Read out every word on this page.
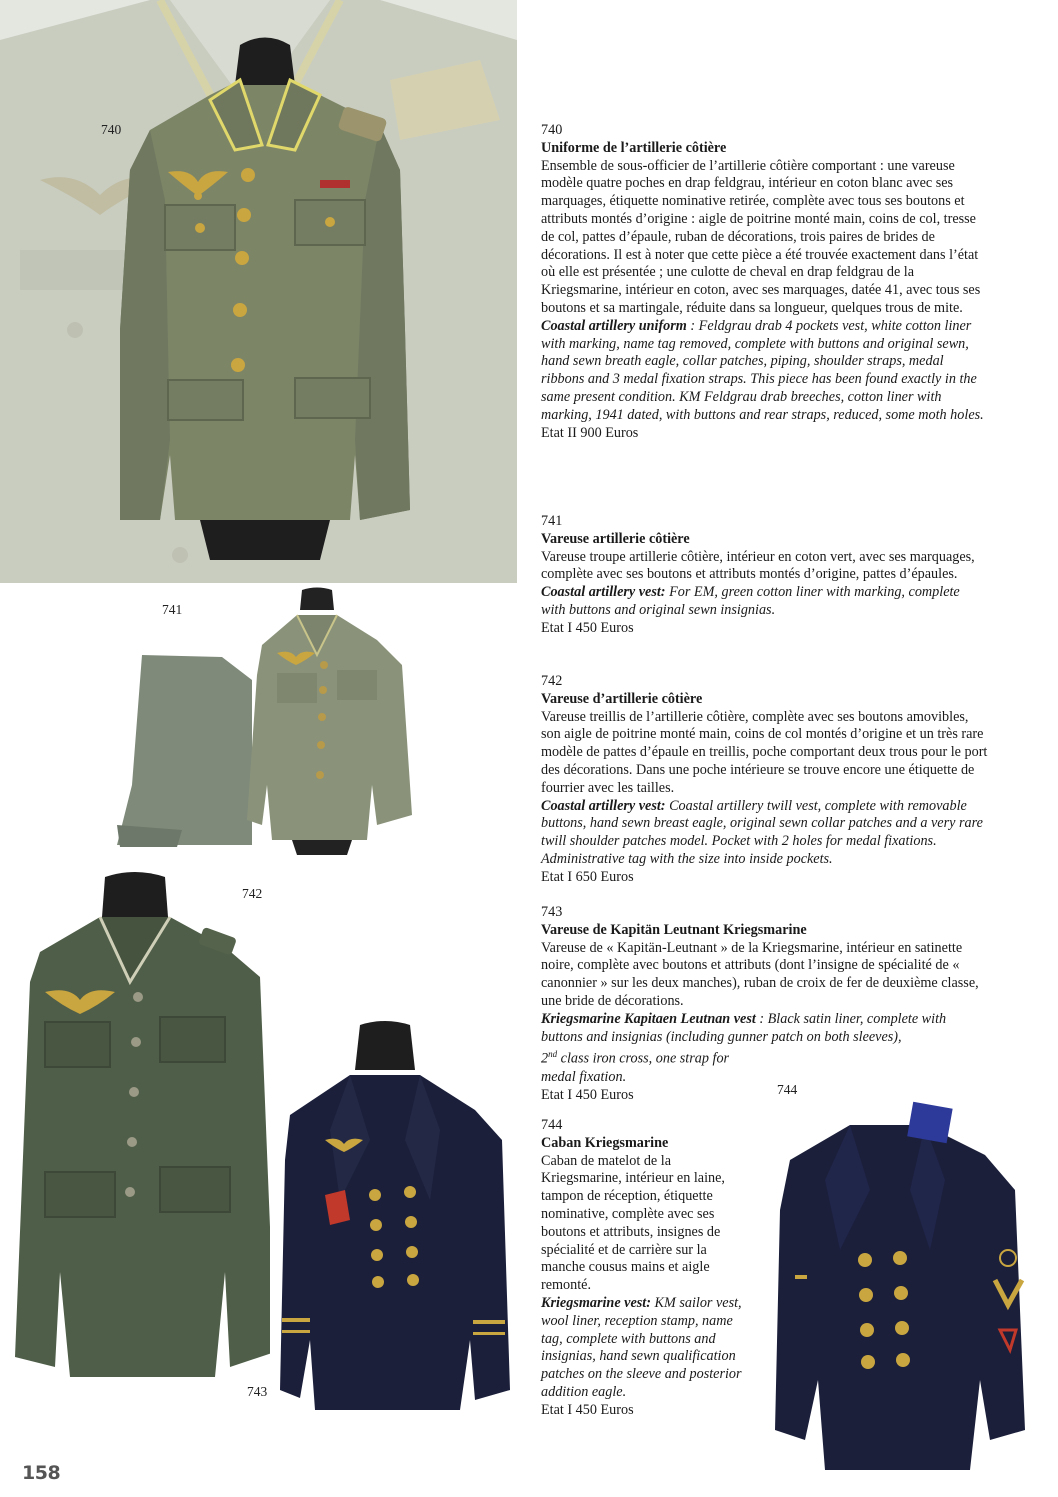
740
741
742
743
744

740

Uniforme de l’artillerie côtière

Ensemble de sous-officier de l’artillerie côtière comportant : une vareuse modèle quatre poches en drap feldgrau, intérieur en coton blanc avec ses marquages, étiquette nominative retirée, complète avec tous ses boutons et attributs montés d’origine : aigle de poitrine monté main, coins de col, tresse de col, pattes d’épaule, ruban de décorations, trois paires de brides de décorations. Il est à noter que cette pièce a été trouvée exactement dans l’état où elle est présentée ; une culotte de cheval en drap feldgrau de la Kriegsmarine, intérieur en coton, avec ses marquages, datée 41, avec tous ses boutons et sa martingale, réduite dans sa longueur, quelques trous de mite.

Coastal artillery uniform : Feldgrau drab 4 pockets vest, white cotton liner with marking, name tag removed, complete with buttons and original sewn, hand sewn breath eagle, collar patches, piping, shoulder straps, medal ribbons and 3 medal fixation straps. This piece has been found exactly in the same present condition. KM Feldgrau drab breeches, cotton liner with marking, 1941 dated, with buttons and rear straps, reduced, some moth holes.

Etat II 900 Euros

741

Vareuse artillerie côtière

Vareuse troupe artillerie côtière, intérieur en coton vert, avec ses marquages, complète avec ses boutons et attributs montés d’origine, pattes d’épaules.

Coastal artillery vest: For EM, green cotton liner with marking, complete with buttons and original sewn insignias.

Etat I 450 Euros

742

Vareuse d’artillerie côtière

Vareuse treillis de l’artillerie côtière, complète avec ses boutons amovibles, son aigle de poitrine monté main, coins de col montés d’origine et un très rare modèle de pattes d’épaule en treillis, poche comportant deux trous pour le port des décorations. Dans une poche intérieure se trouve encore une étiquette de fourrier avec les tailles.

Coastal artillery vest: Coastal artillery twill vest, complete with removable buttons, hand sewn breast eagle, original sewn collar patches and a very rare twill shoulder patches model. Pocket with 2 holes for medal fixations. Administrative tag with the size into inside pockets.

Etat I 650 Euros

743

Vareuse de Kapitän Leutnant Kriegsmarine

Vareuse de « Kapitän-Leutnant » de la Kriegsmarine, intérieur en satinette noire, complète avec boutons et attributs (dont l’insigne de spécialité de « canonnier » sur les deux manches), ruban de croix de fer de deuxième classe, une bride de décorations.

Kriegsmarine Kapitaen Leutnan vest : Black satin liner, complete with buttons and insignias (including gunner patch on both sleeves),

2nd class iron cross, one strap for

medal fixation.

Etat I 450 Euros

744

Caban Kriegsmarine

Caban de matelot de la Kriegsmarine, intérieur en laine, tampon de réception, étiquette nominative, complète avec ses boutons et attributs, insignes de spécialité et de carrière sur la manche cousus mains et aigle remonté.

Kriegsmarine vest: KM sailor vest, wool liner, reception stamp, name tag, complete with buttons and insignias, hand sewn qualification patches on the sleeve and posterior addition eagle.

Etat I 450 Euros

158
